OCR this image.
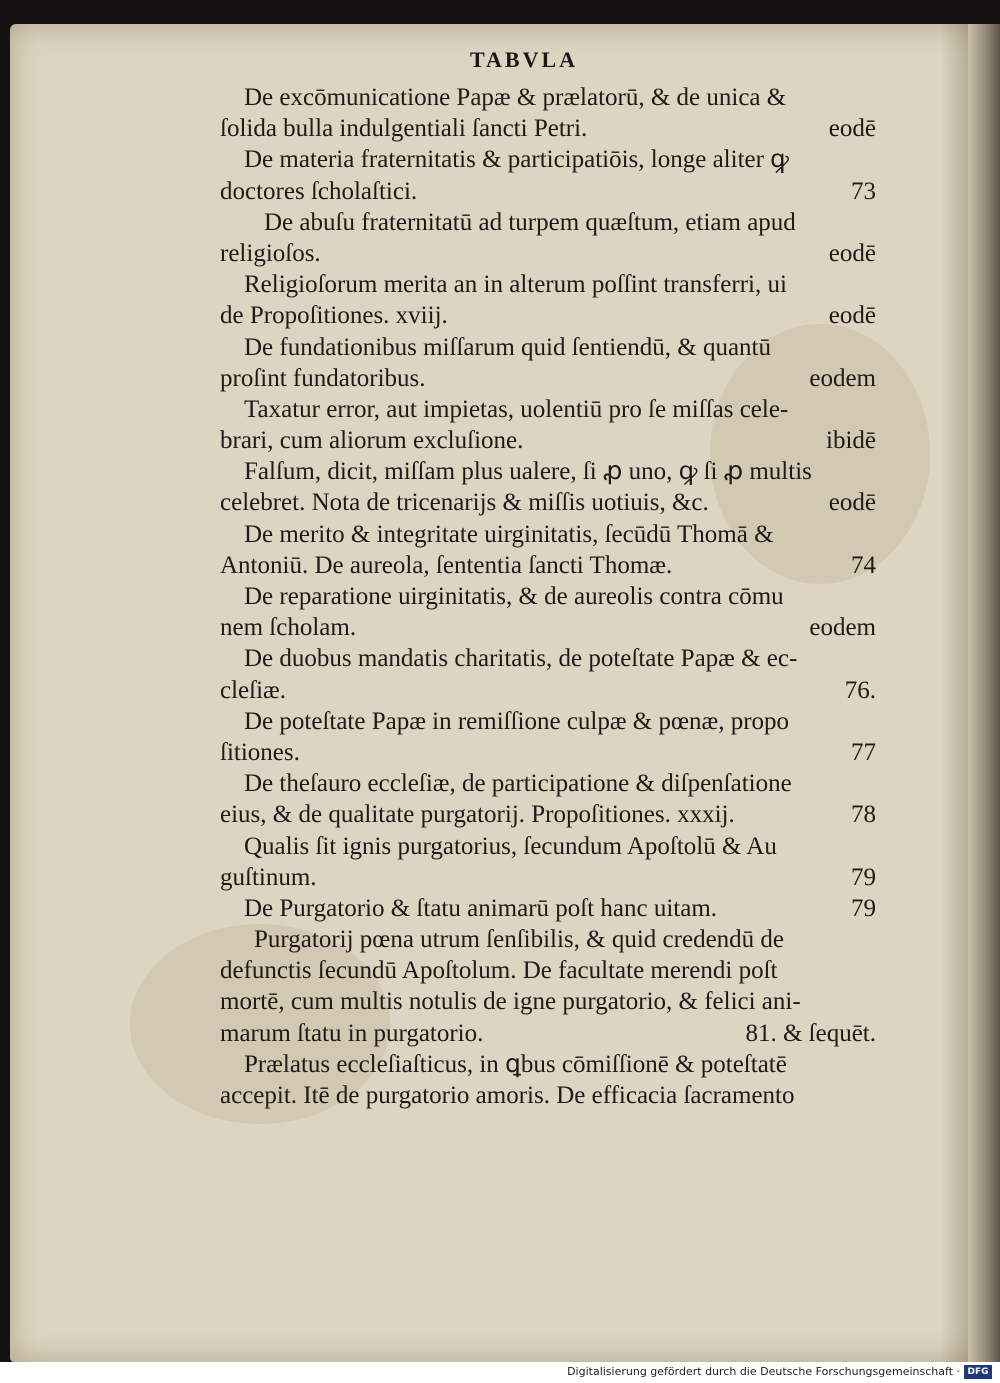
TABVLA
De excōmunicatione Papæ & prælatorū, & de unica &
ſolida bulla indulgentiali ſancti Petri.	eodē
De materia fraternitatis & participatiōis, longe aliter ꝙ
doctores ſcholaſtici.	73
De abuſu fraternitatū ad turpem quæſtum, etiam apud
religioſos.	eodē
Religioſorum merita an in alterum poſſint transferri, ui
de Propoſitiones. xviij.	eodē
De fundationibus miſſarum quid ſentiendū, & quantū
proſint fundatoribus.	eodem
Taxatur error, aut impietas, uolentiū pro ſe miſſas cele-
brari, cum aliorum excluſione.	ibidē
Falſum, dicit, miſſam plus ualere, ſi ꝓ uno, ꝙ ſi ꝓ multis
celebret. Nota de tricenarijs & miſſis uotiuis, &c.	eodē
De merito & integritate uirginitatis, ſecūdū Thomā &
Antoniū. De aureola, ſententia ſancti Thomæ.	74
De reparatione uirginitatis, & de aureolis contra cōmu
nem ſcholam.	eodem
De duobus mandatis charitatis, de poteſtate Papæ & ec-
cleſiæ.	76.
De poteſtate Papæ in remiſſione culpæ & pœnæ, propo
ſitiones.	77
De theſauro eccleſiæ, de participatione & diſpenſatione
eius, & de qualitate purgatorij. Propoſitiones. xxxij.	78
Qualis ſit ignis purgatorius, ſecundum Apoſtolū & Au
guſtinum.	79
De Purgatorio & ſtatu animarū poſt hanc uitam.	79
Purgatorij pœna utrum ſenſibilis, & quid credendū de
defunctis ſecundū Apoſtolum. De facultate merendi poſt
mortē, cum multis notulis de igne purgatorio, & felici ani-
marum ſtatu in purgatorio.	81. & ſequēt.
Prælatus eccleſiaſticus, in ꝗbus cōmiſſionē & poteſtatē
accepit. Itē de purgatorio amoris. De efficacia ſacramento
Digitalisierung gefördert durch die Deutsche Forschungsgemeinschaft · DFG
